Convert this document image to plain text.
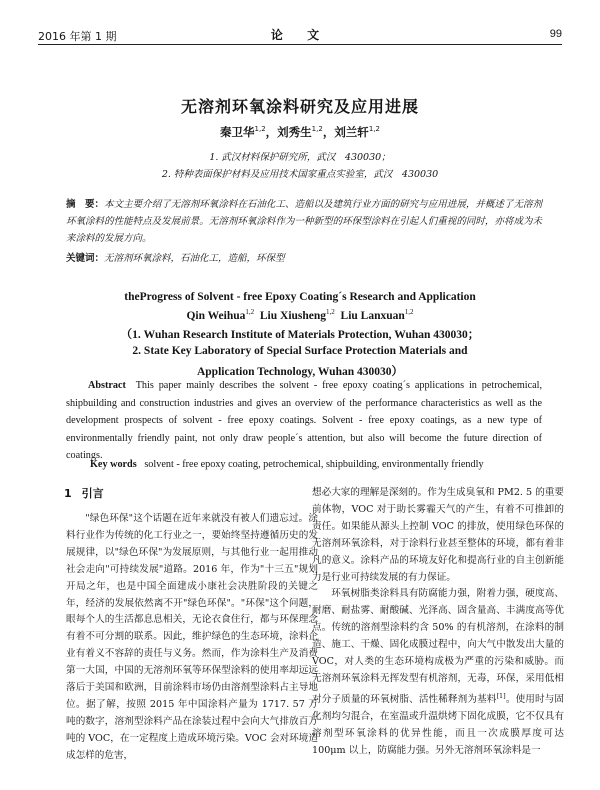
2016 年第 1 期	论 文	99
无溶剂环氧涂料研究及应用进展
秦卫华$^{1,2}$，刘秀生$^{1,2}$，刘兰轩$^{1,2}$
1. 武汉材料保护研究所，武汉　430030；
2. 特种表面保护材料及应用技术国家重点实验室，武汉　430030
摘　要：本文主要介绍了无溶剂环氧涂料在石油化工、造船以及建筑行业方面的研究与应用进展，并概述了无溶剂环氧涂料的性能特点及发展前景。无溶剂环氧涂料作为一种新型的环保型涂料在引起人们重视的同时，亦将成为未来涂料的发展方向。
关键词：无溶剂环氧涂料，石油化工，造船，环保型
theProgress of Solvent - free Epoxy Coating´s Research and Application
Qin Weihua$^{1,2}$ Liu Xiusheng$^{1,2}$ Liu Lanxuan$^{1,2}$
（1. Wuhan Research Institute of Materials Protection, Wuhan 430030；
2. State Key Laboratory of Special Surface Protection Materials and
Application Technology, Wuhan 430030）
Abstract This paper mainly describes the solvent - free epoxy coating´s applications in petrochemical, shipbuilding and construction industries and gives an overview of the performance characteristics as well as the development prospects of solvent - free epoxy coatings. Solvent - free epoxy coatings, as a new type of environmentally friendly paint, not only draw people´s attention, but also will become the future direction of coatings.
Key words solvent - free epoxy coating, petrochemical, shipbuilding, environmentally friendly
1 引言

"绿色环保"这个话题在近年来就没有被人们遗忘过。涂料行业作为传统的化工行业之一，要始终坚持遵循历史的发展规律，以"绿色环保"为发展原则，与其他行业一起用推动社会走向"可持续发展"道路。2016 年，作为"十三五"规划开局之年，也是中国全面建成小康社会决胜阶段的关键之年，经济的发展依然离不开"绿色环保"。"环保"这个问题，眼每个人的生活都息息相关，无论衣食住行，都与环保理念有着不可分割的联系。因此，维护绿色的生态环境，涂料企业有着义不容辞的责任与义务。然而，作为涂料生产及消费第一大国，中国的无溶剂环氧等环保型涂料的使用率却远远落后于美国和欧洲，目前涂料市场仍由溶剂型涂料占主导地位。据了解，按照 2015 年中国涂料产量为 1717. 57 万吨的数字，溶剂型涂料产品在涂装过程中会向大气排放百万吨的 VOC，在一定程度上造成环境污染。VOC 会对环境造成怎样的危害，

想必大家的理解是深刻的。作为生成臭氧和 PM2. 5 的重要前体物，VOC 对于助长雾霾天气的产生，有着不可推卸的责任。如果能从源头上控制 VOC 的排放，使用绿色环保的无溶剂环氧涂料，对于涂料行业甚至整体的环境，都有着非凡的意义。涂料产品的环境友好化和提高行业的自主创新能力是行业可持续发展的有力保证。

环氧树脂类涂料具有防腐能力强，附着力强，硬度高、耐磨、耐盐雾、耐酸碱、光泽高、固含量高、丰满度高等优点。传统的溶剂型涂料约含 50% 的有机溶剂，在涂料的制造、施工、干燥、固化成膜过程中，向大气中散发出大量的 VOC，对人类的生态环境构成极为严重的污染和威胁。而无溶剂环氧涂料无挥发型有机溶剂，无毒，环保，采用低相对分子质量的环氧树脂、活性稀释剂为基料[1]。使用时与固化剂均匀混合，在室温或升温烘烤下固化成膜，它不仅具有溶剂型环氧涂料的优异性能，而且一次成膜厚度可达 100μm 以上，防腐能力强。另外无溶剂环氧涂料是一
